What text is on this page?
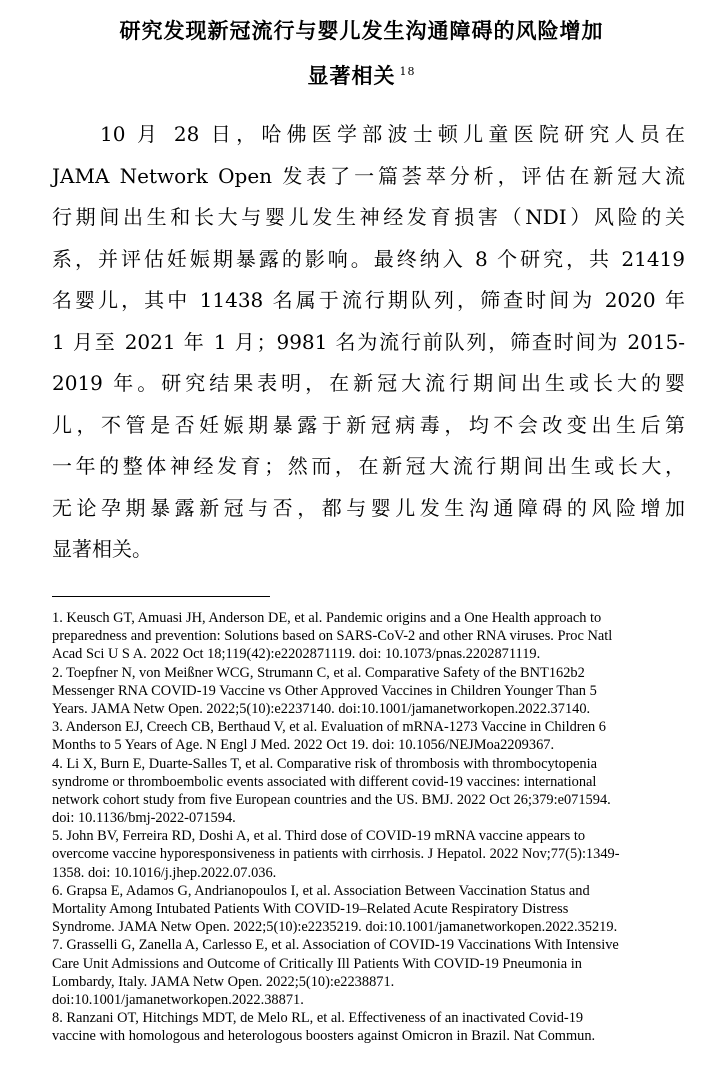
研究发现新冠流行与婴儿发生沟通障碍的风险增加
显著相关 $^{18}$
10 月 28 日，哈佛医学部波士顿儿童医院研究人员在
JAMA Network Open 发表了一篇荟萃分析，评估在新冠大流
行期间出生和长大与婴儿发生神经发育损害（NDI）风险的关
系，并评估妊娠期暴露的影响。最终纳入 8 个研究，共 21419
名婴儿，其中 11438 名属于流行期队列，筛查时间为 2020 年
1 月至 2021 年 1 月；9981 名为流行前队列，筛查时间为 2015-
2019 年。研究结果表明，在新冠大流行期间出生或长大的婴
儿，不管是否妊娠期暴露于新冠病毒，均不会改变出生后第
一年的整体神经发育；然而，在新冠大流行期间出生或长大，
无论孕期暴露新冠与否，都与婴儿发生沟通障碍的风险增加
显著相关。
1. Keusch GT, Amuasi JH, Anderson DE, et al. Pandemic origins and a One Health approach to
preparedness and prevention: Solutions based on SARS-CoV-2 and other RNA viruses. Proc Natl
Acad Sci U S A. 2022 Oct 18;119(42):e2202871119. doi: 10.1073/pnas.2202871119.
2. Toepfner N, von Meißner WCG, Strumann C, et al. Comparative Safety of the BNT162b2
Messenger RNA COVID-19 Vaccine vs Other Approved Vaccines in Children Younger Than 5
Years. JAMA Netw Open. 2022;5(10):e2237140. doi:10.1001/jamanetworkopen.2022.37140.
3. Anderson EJ, Creech CB, Berthaud V, et al. Evaluation of mRNA-1273 Vaccine in Children 6
Months to 5 Years of Age. N Engl J Med. 2022 Oct 19. doi: 10.1056/NEJMoa2209367.
4. Li X, Burn E, Duarte-Salles T, et al. Comparative risk of thrombosis with thrombocytopenia
syndrome or thromboembolic events associated with different covid-19 vaccines: international
network cohort study from five European countries and the US. BMJ. 2022 Oct 26;379:e071594.
doi: 10.1136/bmj-2022-071594.
5. John BV, Ferreira RD, Doshi A, et al. Third dose of COVID-19 mRNA vaccine appears to
overcome vaccine hyporesponsiveness in patients with cirrhosis. J Hepatol. 2022 Nov;77(5):1349-
1358. doi: 10.1016/j.jhep.2022.07.036.
6. Grapsa E, Adamos G, Andrianopoulos I, et al. Association Between Vaccination Status and
Mortality Among Intubated Patients With COVID-19–Related Acute Respiratory Distress
Syndrome. JAMA Netw Open. 2022;5(10):e2235219. doi:10.1001/jamanetworkopen.2022.35219.
7. Grasselli G, Zanella A, Carlesso E, et al. Association of COVID-19 Vaccinations With Intensive
Care Unit Admissions and Outcome of Critically Ill Patients With COVID-19 Pneumonia in
Lombardy, Italy. JAMA Netw Open. 2022;5(10):e2238871.
doi:10.1001/jamanetworkopen.2022.38871.
8. Ranzani OT, Hitchings MDT, de Melo RL, et al. Effectiveness of an inactivated Covid-19
vaccine with homologous and heterologous boosters against Omicron in Brazil. Nat Commun.
